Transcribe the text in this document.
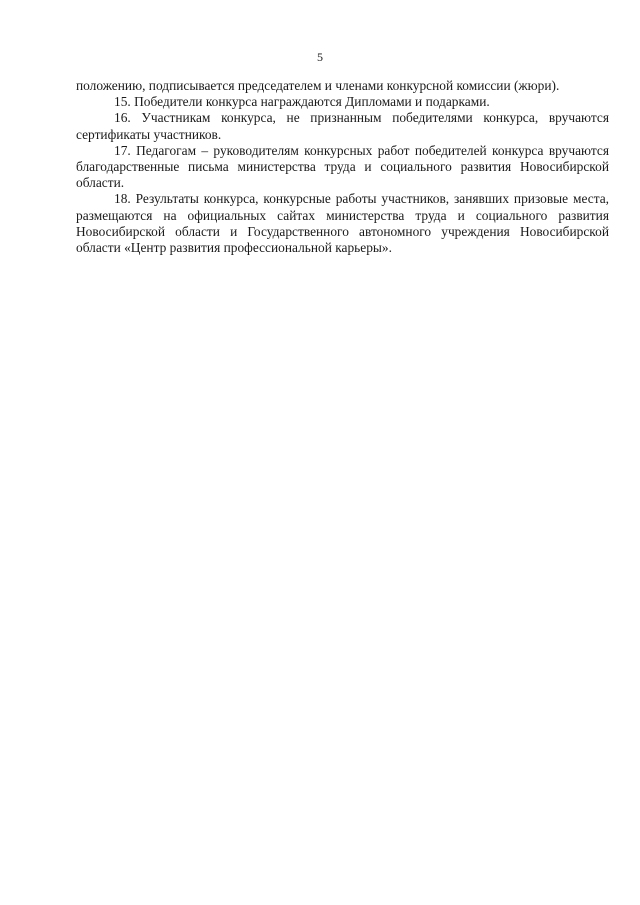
5

положению, подписывается председателем и членами конкурсной комиссии (жюри).

15. Победители конкурса награждаются Дипломами и подарками.

16. Участникам конкурса, не признанным победителями конкурса, вручаются сертификаты участников.

17. Педагогам – руководителям конкурсных работ победителей конкурса вручаются благодарственные письма министерства труда и социального развития Новосибирской области.

18. Результаты конкурса, конкурсные работы участников, занявших призовые места, размещаются на официальных сайтах министерства труда и социального развития Новосибирской области и Государственного автономного учреждения Новосибирской области «Центр развития профессиональной карьеры».
